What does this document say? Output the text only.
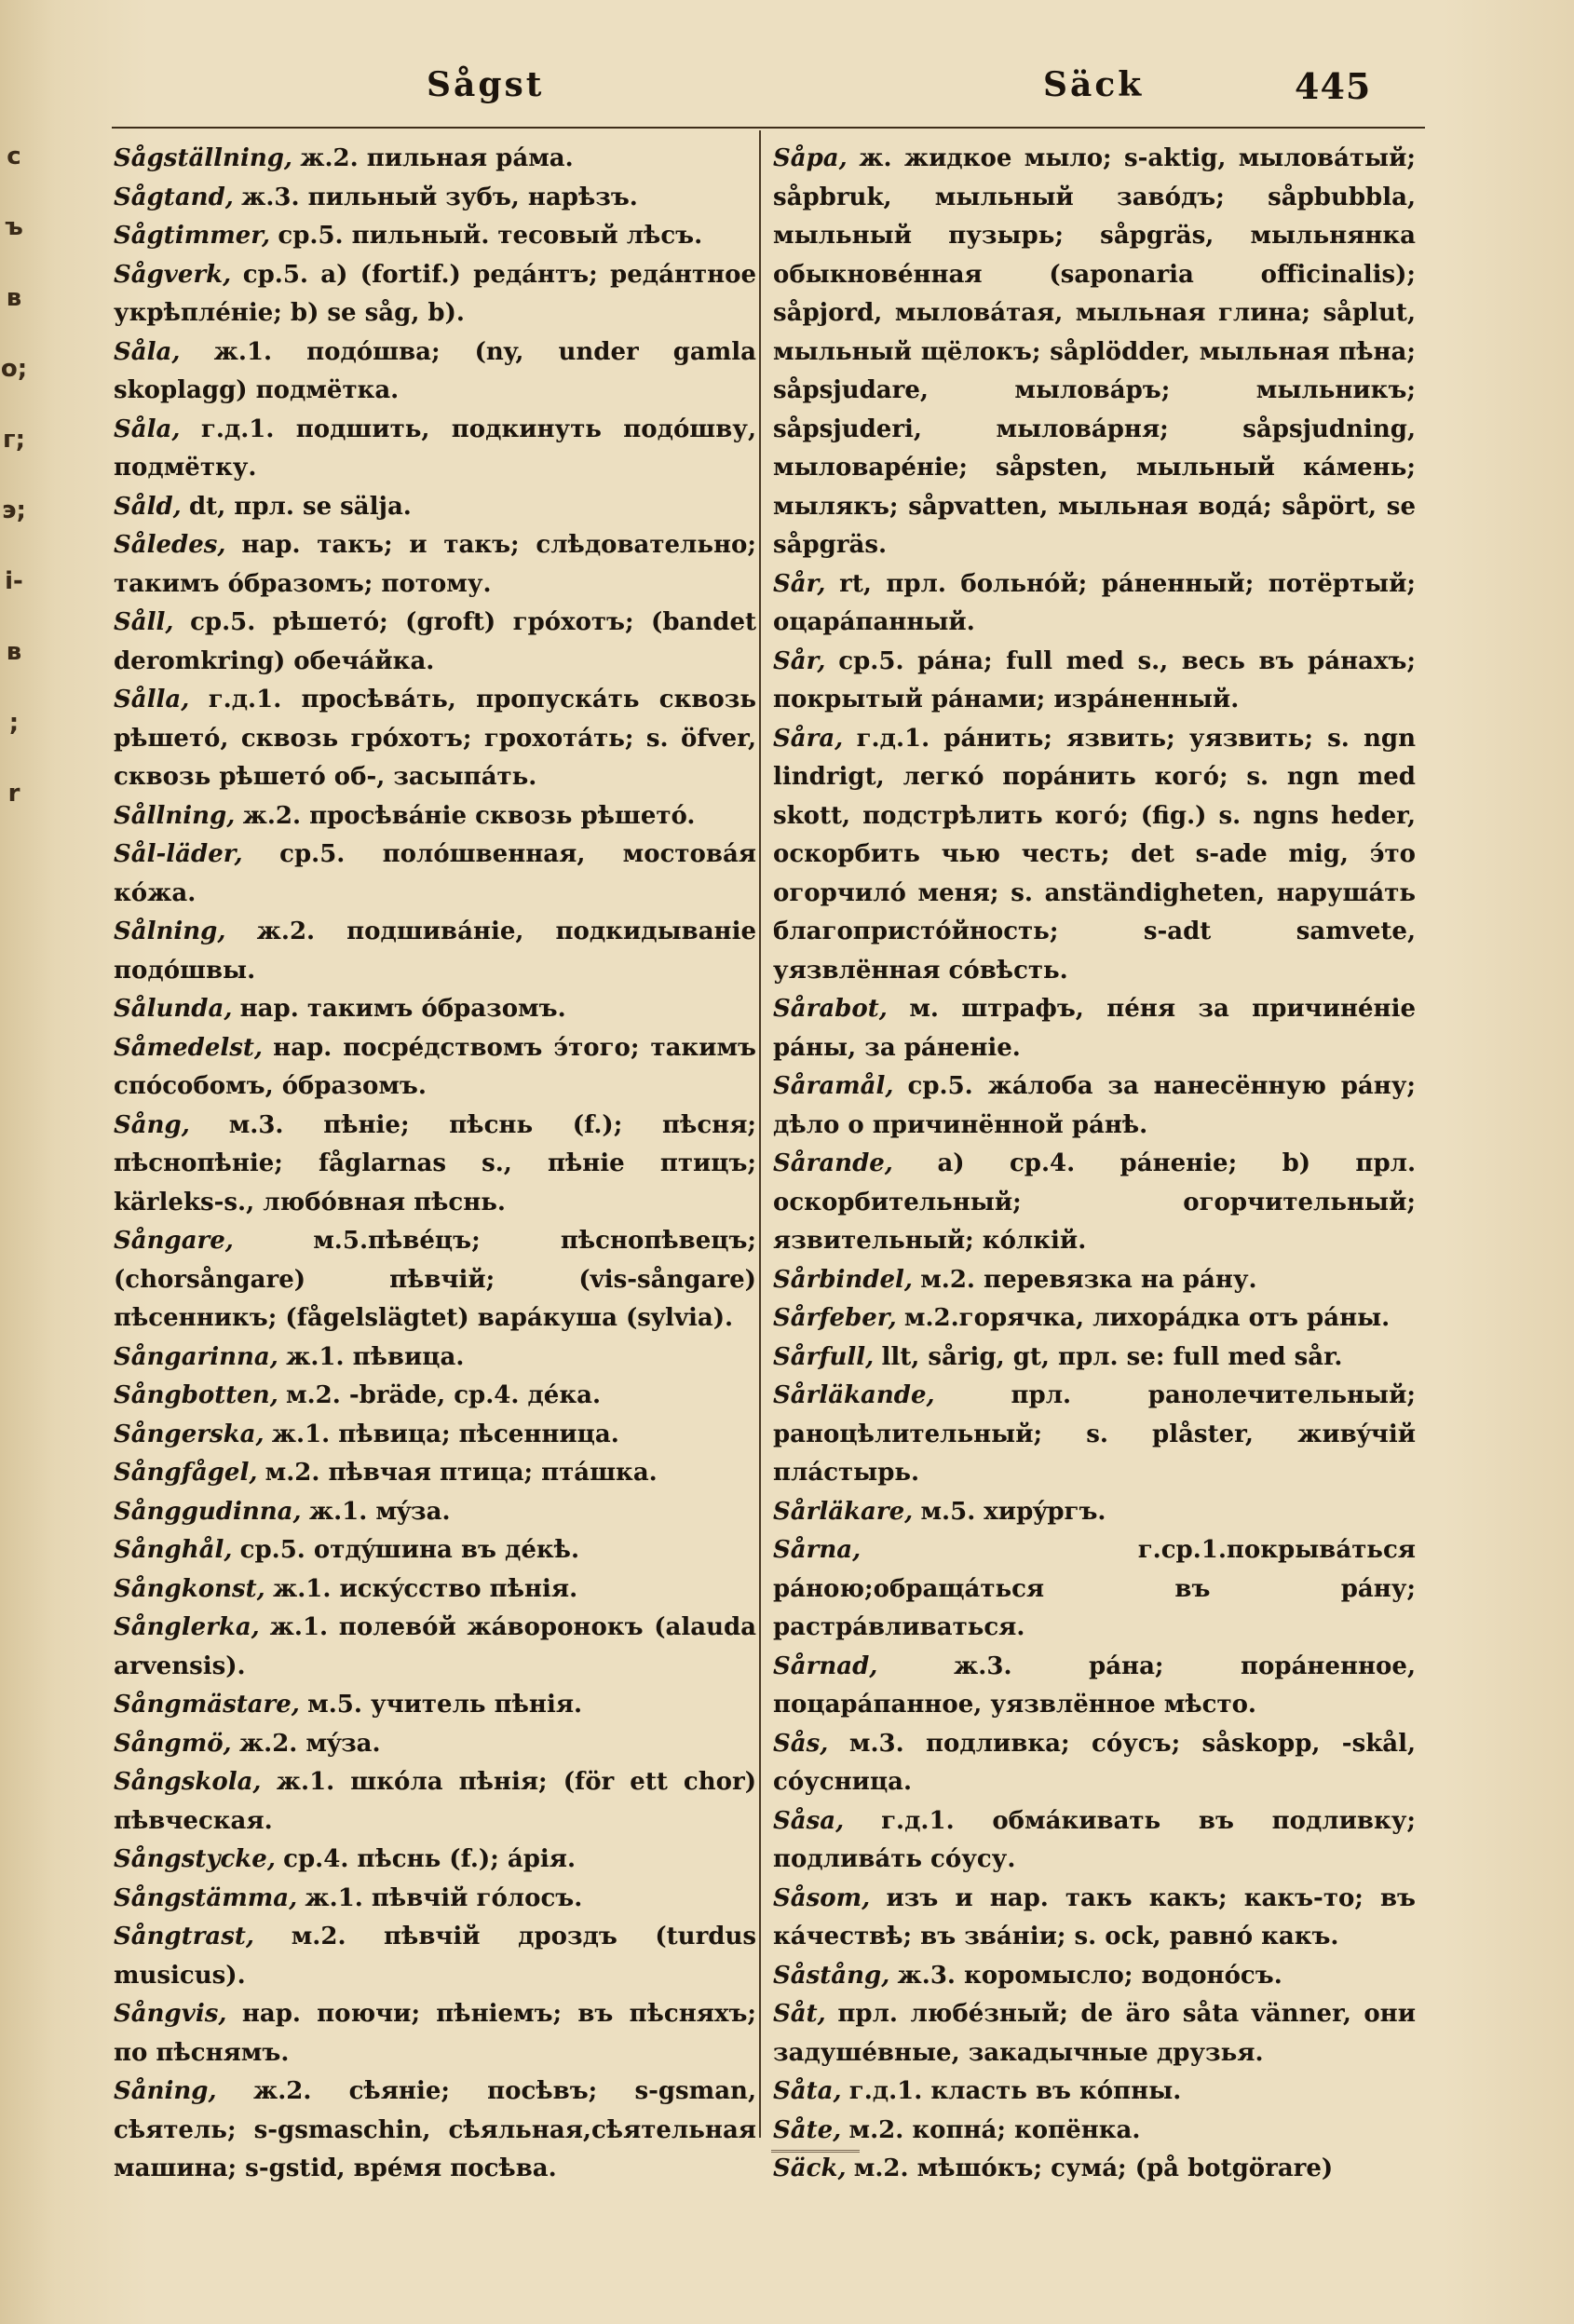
с
ъ
в
о;
г;
э;
i-
в
;
r
Sågst	Säck	445

Sågställning, ж.2. пильная páма.

Sågtand, ж.3. пильный зубъ, нарѣзъ.

Sågtimmer, ср.5. пильный. тесовый лѣсъ.

Sågverk, ср.5. a) (fortif.) редáнтъ; редáнтное укрѣплéніе; b) se såg, b).

Såla, ж.1. подóшва; (ny, under gamla skoplagg) подмётка.

Såla, г.д.1. подшить, подкинуть подóшву, подмётку.

Såld, dt, прл. se sälja.

Således, нар. такъ; и такъ; слѣдовательно; такимъ óбразомъ; потому.

Såll, ср.5. рѣшетó; (groft) грóхотъ; (bandet deromkring) обечáйка.

Sålla, г.д.1. просѣвáть, пропускáть сквозь рѣшетó, сквозь грóхотъ; грохотáть; s. öfver, сквозь рѣшетó об-, засыпáть.

Sållning, ж.2. просѣвáніе сквозь рѣшетó.

Sål-läder, ср.5. полóшвенная, мостовáя кóжа.

Sålning, ж.2. подшивáніе, подкидываніе подóшвы.

Sålunda, нар. такимъ óбразомъ.

Såmedelst, нар. посрéдствомъ э́того; такимъ спóсобомъ, óбразомъ.

Sång, м.3. пѣніе; пѣснь (f.); пѣсня; пѣснопѣніе; fåglarnas s., пѣніе птицъ; kärleks-s., любóвная пѣснь.

Sångare,	м.5.пѣвéцъ; пѣснопѣвецъ; (chorsångare) пѣвчій; (vis-sångare) пѣсенникъ; (fågelslägtet) варáкуша (sylvia).

Sångarinna, ж.1. пѣвица.

Sångbotten, м.2. -bräde, ср.4. дéка.

Sångerska, ж.1. пѣвица; пѣсенница.

Sångfågel, м.2. пѣвчая птица; птáшка.

Sånggudinna, ж.1. мýза.

Sånghål, ср.5. отдýшина въ дéкѣ.

Sångkonst, ж.1. искýсство пѣнія.

Sånglerka, ж.1. полевóй жáворонокъ (alauda arvensis).

Sångmästare, м.5. учитель пѣнія.

Sångmö, ж.2. мýза.

Sångskola, ж.1. шкóла пѣнія; (för ett chor) пѣвческая.

Sångstycke, ср.4. пѣснь (f.); áрія.

Sångstämma, ж.1. пѣвчій гóлосъ.

Sångtrast, м.2. пѣвчій дроздъ (turdus musicus).

Sångvis, нар. поючи; пѣніемъ; въ пѣсняхъ; по пѣснямъ.

Såning, ж.2. сѣяніе; посѣвъ; s-gsman, сѣятель; s-gsmaschin, сѣяльная,сѣятельная машина; s-gstid, врéмя посѣва.

Såpa, ж. жидкое мыло; s-aktig, мыловáтый; såpbruk, мыльный завóдъ; såpbubbla, мыльный пузырь; såpgräs, мыльнянка обыкновéнная (saponaria officinalis); såpjord, мыловáтая, мыльная глина; såplut, мыльный щёлокъ; såplödder, мыльная пѣна; såpsjudare, мыловáръ; мыльникъ; såpsjuderi, мыловáрня; såpsjudning, мыловарéніе; såpsten, мыльный кáмень; мылякъ; såpvatten, мыльная водá; såpört, se såpgräs.

Sår, rt, прл. больнóй; рáненный; потёртый; оцарáпанный.

Sår, ср.5. рáна; full med s., весь въ рáнахъ; покрытый рáнами; изрáненный.

Såra, г.д.1. рáнить; язвить; уязвить; s. ngn lindrigt, легкó порáнить когó; s. ngn med skott, подстрѣлить когó; (fig.) s. ngns heder, оскорбить чью честь; det s-ade mig, э́то огорчилó меня; s. anständigheten, нарушáть благопристóйность; s-adt samvete, уязвлённая сóвѣсть.

Sårabot, м. штрафъ, пéня за причинéніе рáны, за рáненіе.

Såramål, ср.5. жáлоба за нанесённую рáну; дѣло о причинённой рáнѣ.

Sårande, a) ср.4. рáненіе; b) прл. оскорбительный; огорчительный; язвительный; кóлкій.

Sårbindel, м.2. перевязка на рáну.

Sårfeber, м.2.горячка, лихорáдка отъ рáны.

Sårfull, llt, sårig, gt, прл. se: full med sår.

Sårläkande,	прл. ранолечительный; раноцѣлительный; s. plåster, живýчій плáстырь.

Sårläkare, м.5. хирýргъ.

Sårna,	г.ср.1.покрывáться рáною;обращáться въ рáну; растрáвливаться.

Sårnad,	ж.3. рáна; порáненное, поцарáпанное, уязвлённое мѣсто.

Sås, м.3. подливка; сóусъ; såskopp, -skål, сóусница.

Såsa, г.д.1. обмáкивать въ подливку; подливáть сóусу.

Såsom, изъ и нар. такъ какъ; какъ-то; въ кáчествѣ; въ звáніи; s. ock, равнó какъ.

Såstång, ж.3. коромысло; водонóсъ.

Såt, прл. любéзный; de äro såta vänner, они задушéвные, закадычные друзья.

Såta, г.д.1. класть въ кóпны.

Såte, м.2. копнá; копёнка.

Säck, м.2. мѣшóкъ; сумá; (på botgörare)
